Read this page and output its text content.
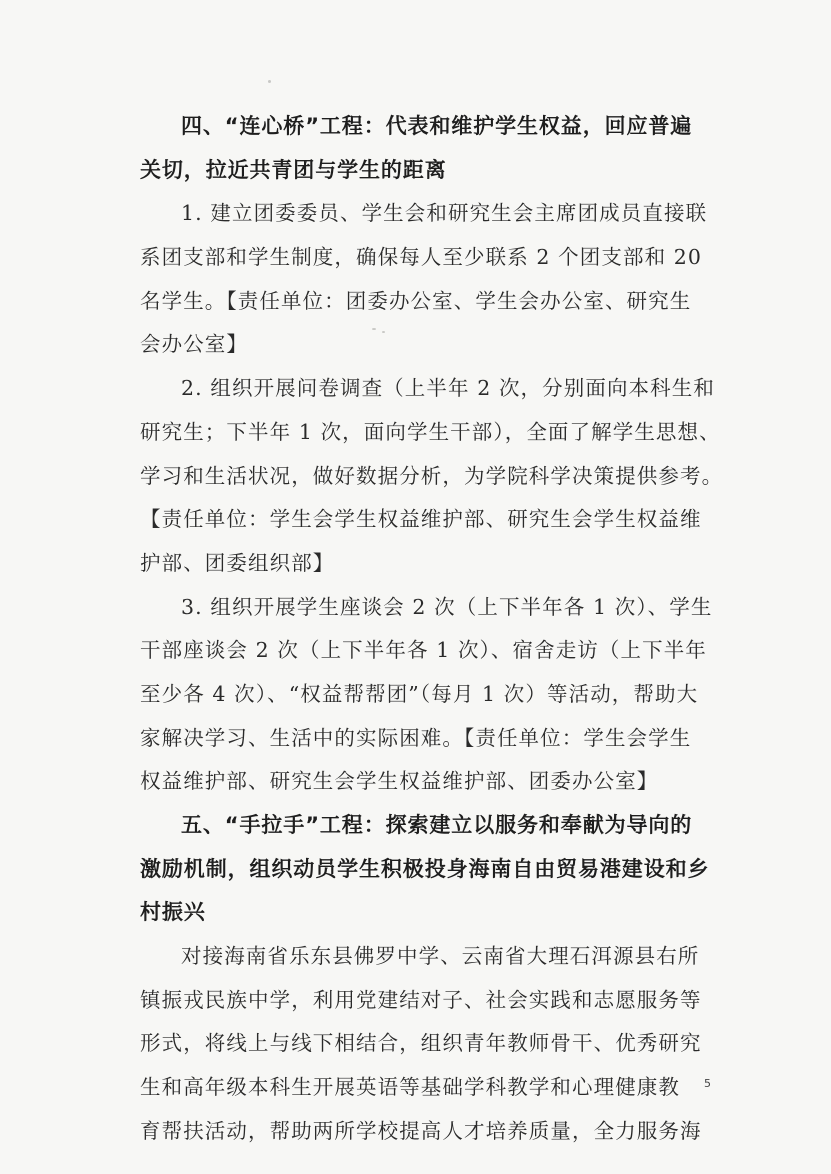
四、“连心桥”工程：代表和维护学生权益，回应普遍
关切，拉近共青团与学生的距离
1. 建立团委委员、学生会和研究生会主席团成员直接联
系团支部和学生制度，确保每人至少联系 2 个团支部和 20
名学生。【责任单位：团委办公室、学生会办公室、研究生
会办公室】
2. 组织开展问卷调查（上半年 2 次，分别面向本科生和
研究生；下半年 1 次，面向学生干部），全面了解学生思想、
学习和生活状况，做好数据分析，为学院科学决策提供参考。
【责任单位：学生会学生权益维护部、研究生会学生权益维
护部、团委组织部】
3. 组织开展学生座谈会 2 次（上下半年各 1 次）、学生
干部座谈会 2 次（上下半年各 1 次）、宿舍走访（上下半年
至少各 4 次）、“权益帮帮团”（每月 1 次）等活动，帮助大
家解决学习、生活中的实际困难。【责任单位：学生会学生
权益维护部、研究生会学生权益维护部、团委办公室】
五、“手拉手”工程：探索建立以服务和奉献为导向的
激励机制，组织动员学生积极投身海南自由贸易港建设和乡
村振兴
对接海南省乐东县佛罗中学、云南省大理石洱源县右所
镇振戎民族中学，利用党建结对子、社会实践和志愿服务等
形式，将线上与线下相结合，组织青年教师骨干、优秀研究
生和高年级本科生开展英语等基础学科教学和心理健康教
育帮扶活动，帮助两所学校提高人才培养质量，全力服务海
5
